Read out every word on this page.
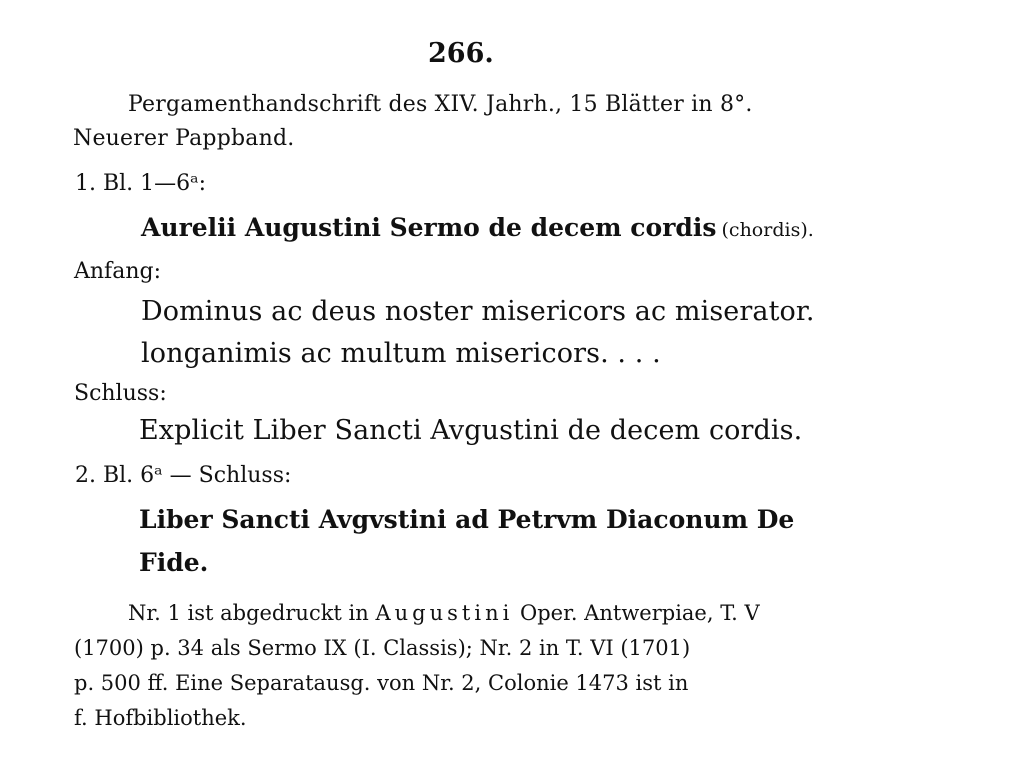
266.
Pergamenthandschrift des XIV. Jahrh., 15 Blätter in 8°.
Neuerer Pappband.
1. Bl. 1—6ᵃ:
Aurelii Augustini Sermo de decem cordis (chordis).
Anfang:
Dominus ac deus noster misericors ac miserator.
longanimis ac multum misericors. . . .
Schluss:
Explicit Liber Sancti Avgustini de decem cordis.
2. Bl. 6ᵃ — Schluss:
Liber Sancti Avgvstini ad Petrvm Diaconum De
Fide.
Nr. 1 ist abgedruckt in Augustini Oper. Antwerpiae, T. V
(1700) p. 34 als Sermo IX (I. Classis); Nr. 2 in T. VI (1701)
p. 500 ff. Eine Separatausg. von Nr. 2, Colonie 1473 ist in
f. Hofbibliothek.
